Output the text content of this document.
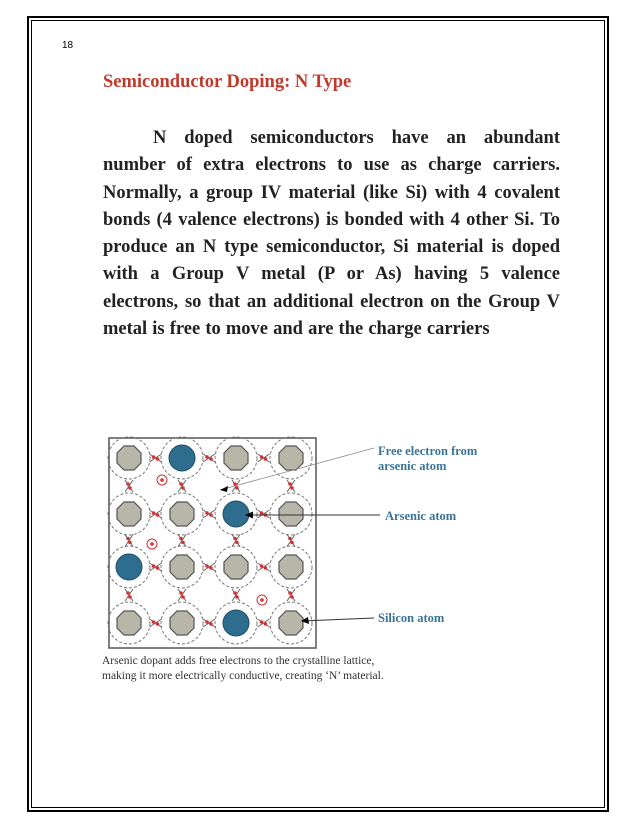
18
Semiconductor Doping: N Type

N doped semiconductors have an abundant number of extra electrons to use as charge carriers. Normally, a group IV material (like Si) with 4 covalent bonds (4 valence electrons) is bonded with 4 other Si. To produce an N type semiconductor, Si material is doped with a Group V metal (P or As) having 5 valence electrons, so that an additional electron on the Group V metal is free to move and are the charge carriers

Free electron from
arsenic atom
Arsenic atom
Silicon atom

Arsenic dopant adds free electrons to the crystalline lattice,
making it more electrically conductive, creating ‘N’ material.
